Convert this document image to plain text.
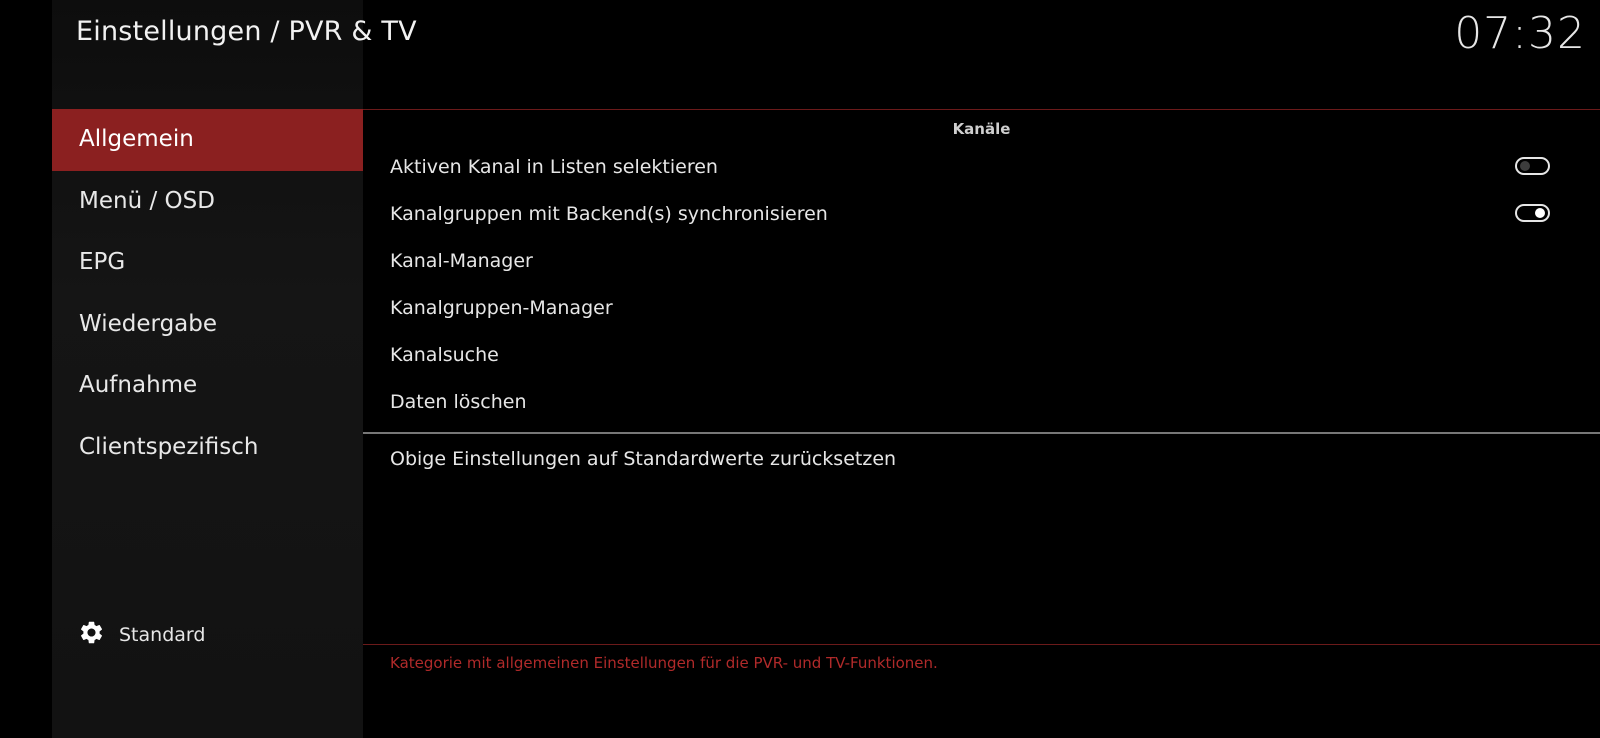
Einstellungen / PVR & TV	07:32
Allgemein
Menü / OSD
EPG
Wiedergabe
Aufnahme
Clientspezifisch
Standard
Kanäle
Aktiven Kanal in Listen selektieren
Kanalgruppen mit Backend(s) synchronisieren
Kanal-Manager
Kanalgruppen-Manager
Kanalsuche
Daten löschen
Obige Einstellungen auf Standardwerte zurücksetzen
Kategorie mit allgemeinen Einstellungen für die PVR- und TV-Funktionen.
